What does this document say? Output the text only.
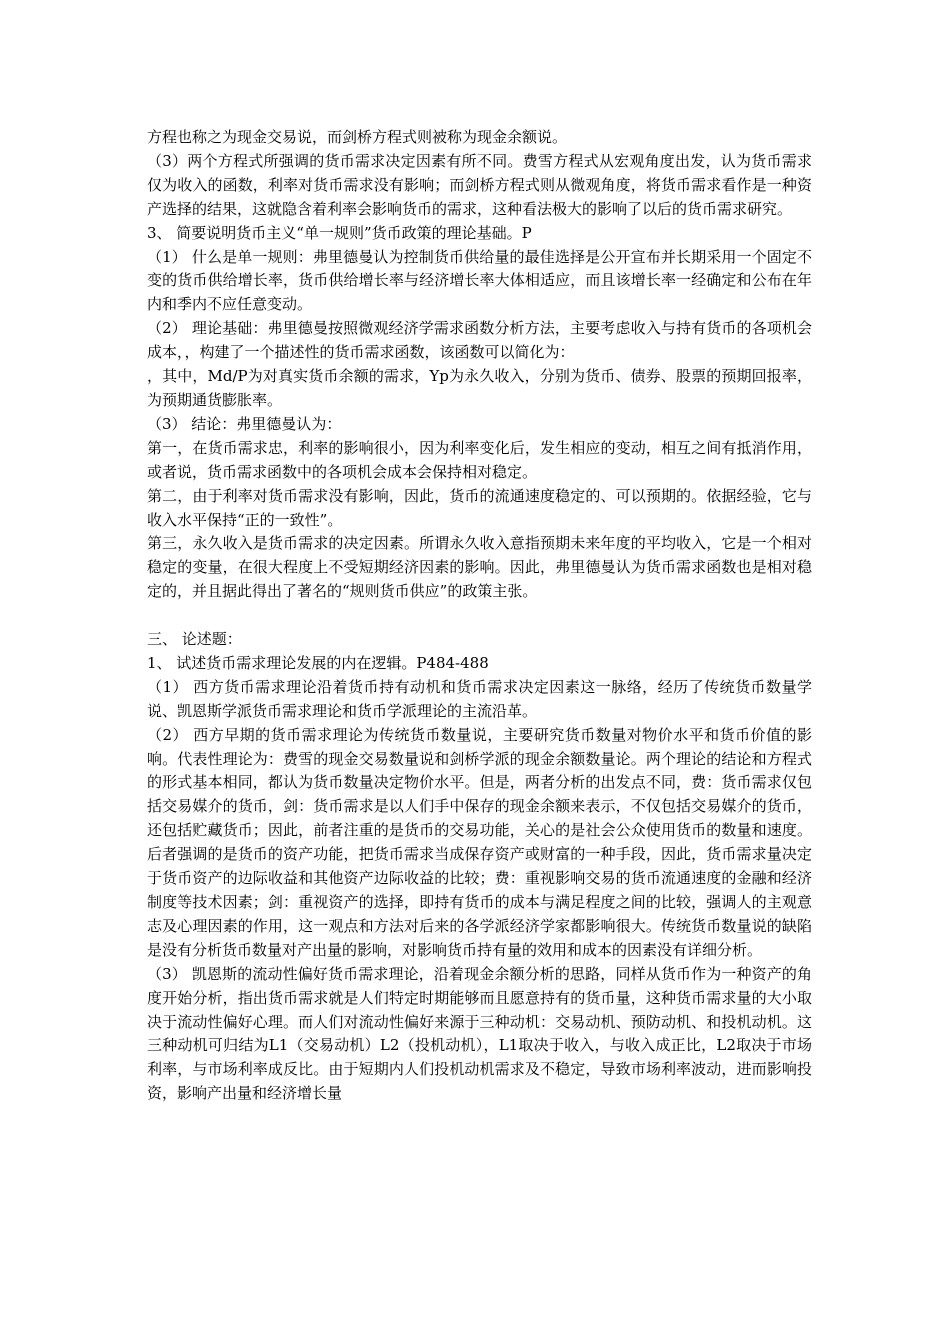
方程也称之为现金交易说，而剑桥方程式则被称为现金余额说。

（3）两个方程式所强调的货币需求决定因素有所不同。费雪方程式从宏观角度出发，认为货币需求仅为收入的函数，利率对货币需求没有影响；而剑桥方程式则从微观角度，将货币需求看作是一种资产选择的结果，这就隐含着利率会影响货币的需求，这种看法极大的影响了以后的货币需求研究。

3、 简要说明货币主义“单一规则”货币政策的理论基础。P

（1） 什么是单一规则：弗里德曼认为控制货币供给量的最佳选择是公开宣布并长期采用一个固定不变的货币供给增长率，货币供给增长率与经济增长率大体相适应，而且该增长率一经确定和公布在年内和季内不应任意变动。

（2） 理论基础：弗里德曼按照微观经济学需求函数分析方法，主要考虑收入与持有货币的各项机会成本，，构建了一个描述性的货币需求函数，该函数可以简化为：

，其中，Md/P为对真实货币余额的需求，Yp为永久收入，分别为货币、债券、股票的预期回报率，为预期通货膨胀率。

（3） 结论：弗里德曼认为：

第一，在货币需求忠，利率的影响很小，因为利率变化后，发生相应的变动，相互之间有抵消作用，或者说，货币需求函数中的各项机会成本会保持相对稳定。

第二，由于利率对货币需求没有影响，因此，货币的流通速度稳定的、可以预期的。依据经验，它与收入水平保持“正的一致性”。

第三，永久收入是货币需求的决定因素。所谓永久收入意指预期未来年度的平均收入，它是一个相对稳定的变量，在很大程度上不受短期经济因素的影响。因此，弗里德曼认为货币需求函数也是相对稳定的，并且据此得出了著名的“规则货币供应”的政策主张。

三、 论述题：

1、 试述货币需求理论发展的内在逻辑。P484-488

（1） 西方货币需求理论沿着货币持有动机和货币需求决定因素这一脉络，经历了传统货币数量学说、凯恩斯学派货币需求理论和货币学派理论的主流沿革。

（2） 西方早期的货币需求理论为传统货币数量说，主要研究货币数量对物价水平和货币价值的影响。代表性理论为：费雪的现金交易数量说和剑桥学派的现金余额数量论。两个理论的结论和方程式的形式基本相同，都认为货币数量决定物价水平。但是，两者分析的出发点不同，费：货币需求仅包括交易媒介的货币，剑：货币需求是以人们手中保存的现金余额来表示，不仅包括交易媒介的货币，还包括贮藏货币；因此，前者注重的是货币的交易功能，关心的是社会公众使用货币的数量和速度。后者强调的是货币的资产功能，把货币需求当成保存资产或财富的一种手段，因此，货币需求量决定于货币资产的边际收益和其他资产边际收益的比较；费：重视影响交易的货币流通速度的金融和经济制度等技术因素；剑：重视资产的选择，即持有货币的成本与满足程度之间的比较，强调人的主观意志及心理因素的作用，这一观点和方法对后来的各学派经济学家都影响很大。传统货币数量说的缺陷是没有分析货币数量对产出量的影响，对影响货币持有量的效用和成本的因素没有详细分析。

（3） 凯恩斯的流动性偏好货币需求理论，沿着现金余额分析的思路，同样从货币作为一种资产的角度开始分析，指出货币需求就是人们特定时期能够而且愿意持有的货币量，这种货币需求量的大小取决于流动性偏好心理。而人们对流动性偏好来源于三种动机：交易动机、预防动机、和投机动机。这三种动机可归结为L1（交易动机）L2（投机动机），L1取决于收入，与收入成正比，L2取决于市场利率，与市场利率成反比。由于短期内人们投机动机需求及不稳定，导致市场利率波动，进而影响投资，影响产出量和经济增长量
